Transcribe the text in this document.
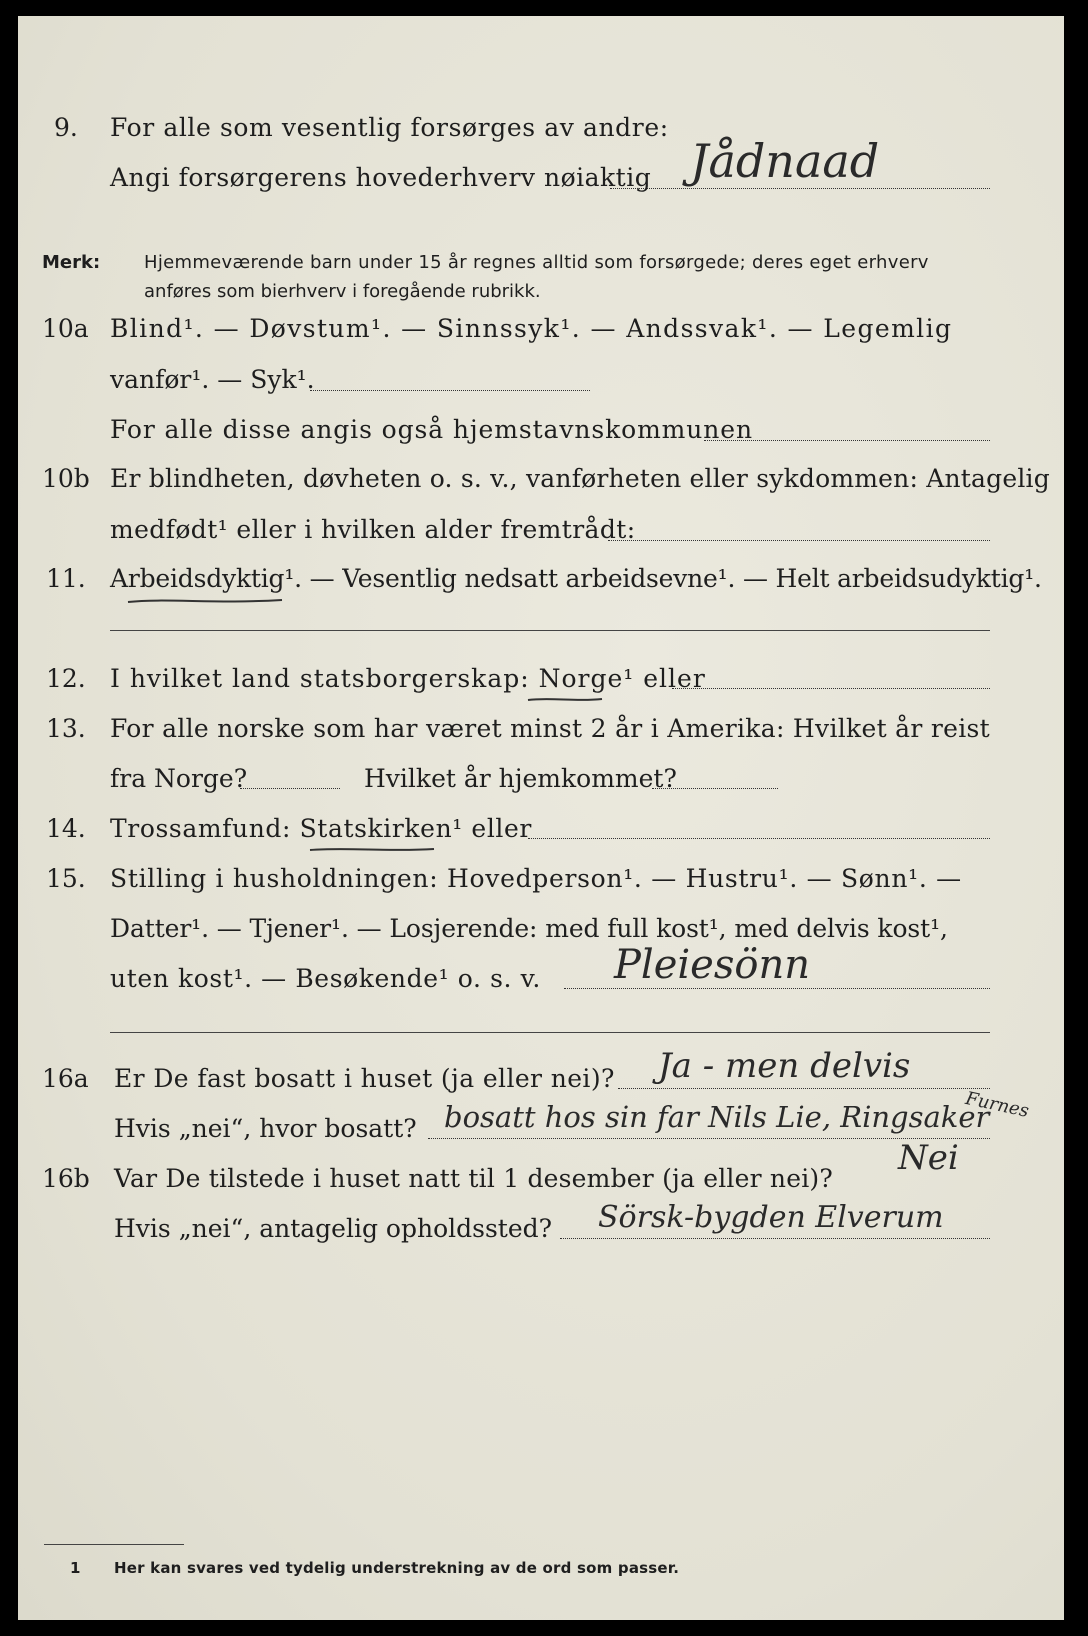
9. For alle som vesentlig forsørges av andre:
Angi forsørgerens hovederhverv nøiaktig Jådnaad
Merk: Hjemmeværende barn under 15 år regnes alltid som forsørgede; deres eget erhverv
anføres som bierhverv i foregående rubrikk.
10a Blind¹. — Døvstum¹. — Sinnssyk¹. — Andssvak¹. — Legemlig
vanfør¹. — Syk¹.
For alle disse angis også hjemstavnskommunen
10b Er blindheten, døvheten o. s. v., vanførheten eller sykdommen: Antagelig
medfødt¹ eller i hvilken alder fremtrådt:
11. Arbeidsdyktig¹. — Vesentlig nedsatt arbeidsevne¹. — Helt arbeidsudyktig¹.
12. I hvilket land statsborgerskap: Norge¹ eller
13. For alle norske som har været minst 2 år i Amerika: Hvilket år reist
fra Norge?	Hvilket år hjemkommet?
14. Trossamfund: Statskirken¹ eller
15. Stilling i husholdningen: Hovedperson¹. — Hustru¹. — Sønn¹. —
Datter¹. — Tjener¹. — Losjerende: med full kost¹, med delvis kost¹,
uten kost¹. — Besøkende¹ o. s. v. Pleiesönn
16a Er De fast bosatt i huset (ja eller nei)? Ja - men delvis
Hvis „nei“, hvor bosatt? bosatt hos sin far Nils Lie, Ringsaker
Furnes
16b Var De tilstede i huset natt til 1 desember (ja eller nei)?
Nei
Hvis „nei“, antagelig opholdssted? Sörsk-bygden Elverum
1 Her kan svares ved tydelig understrekning av de ord som passer.
